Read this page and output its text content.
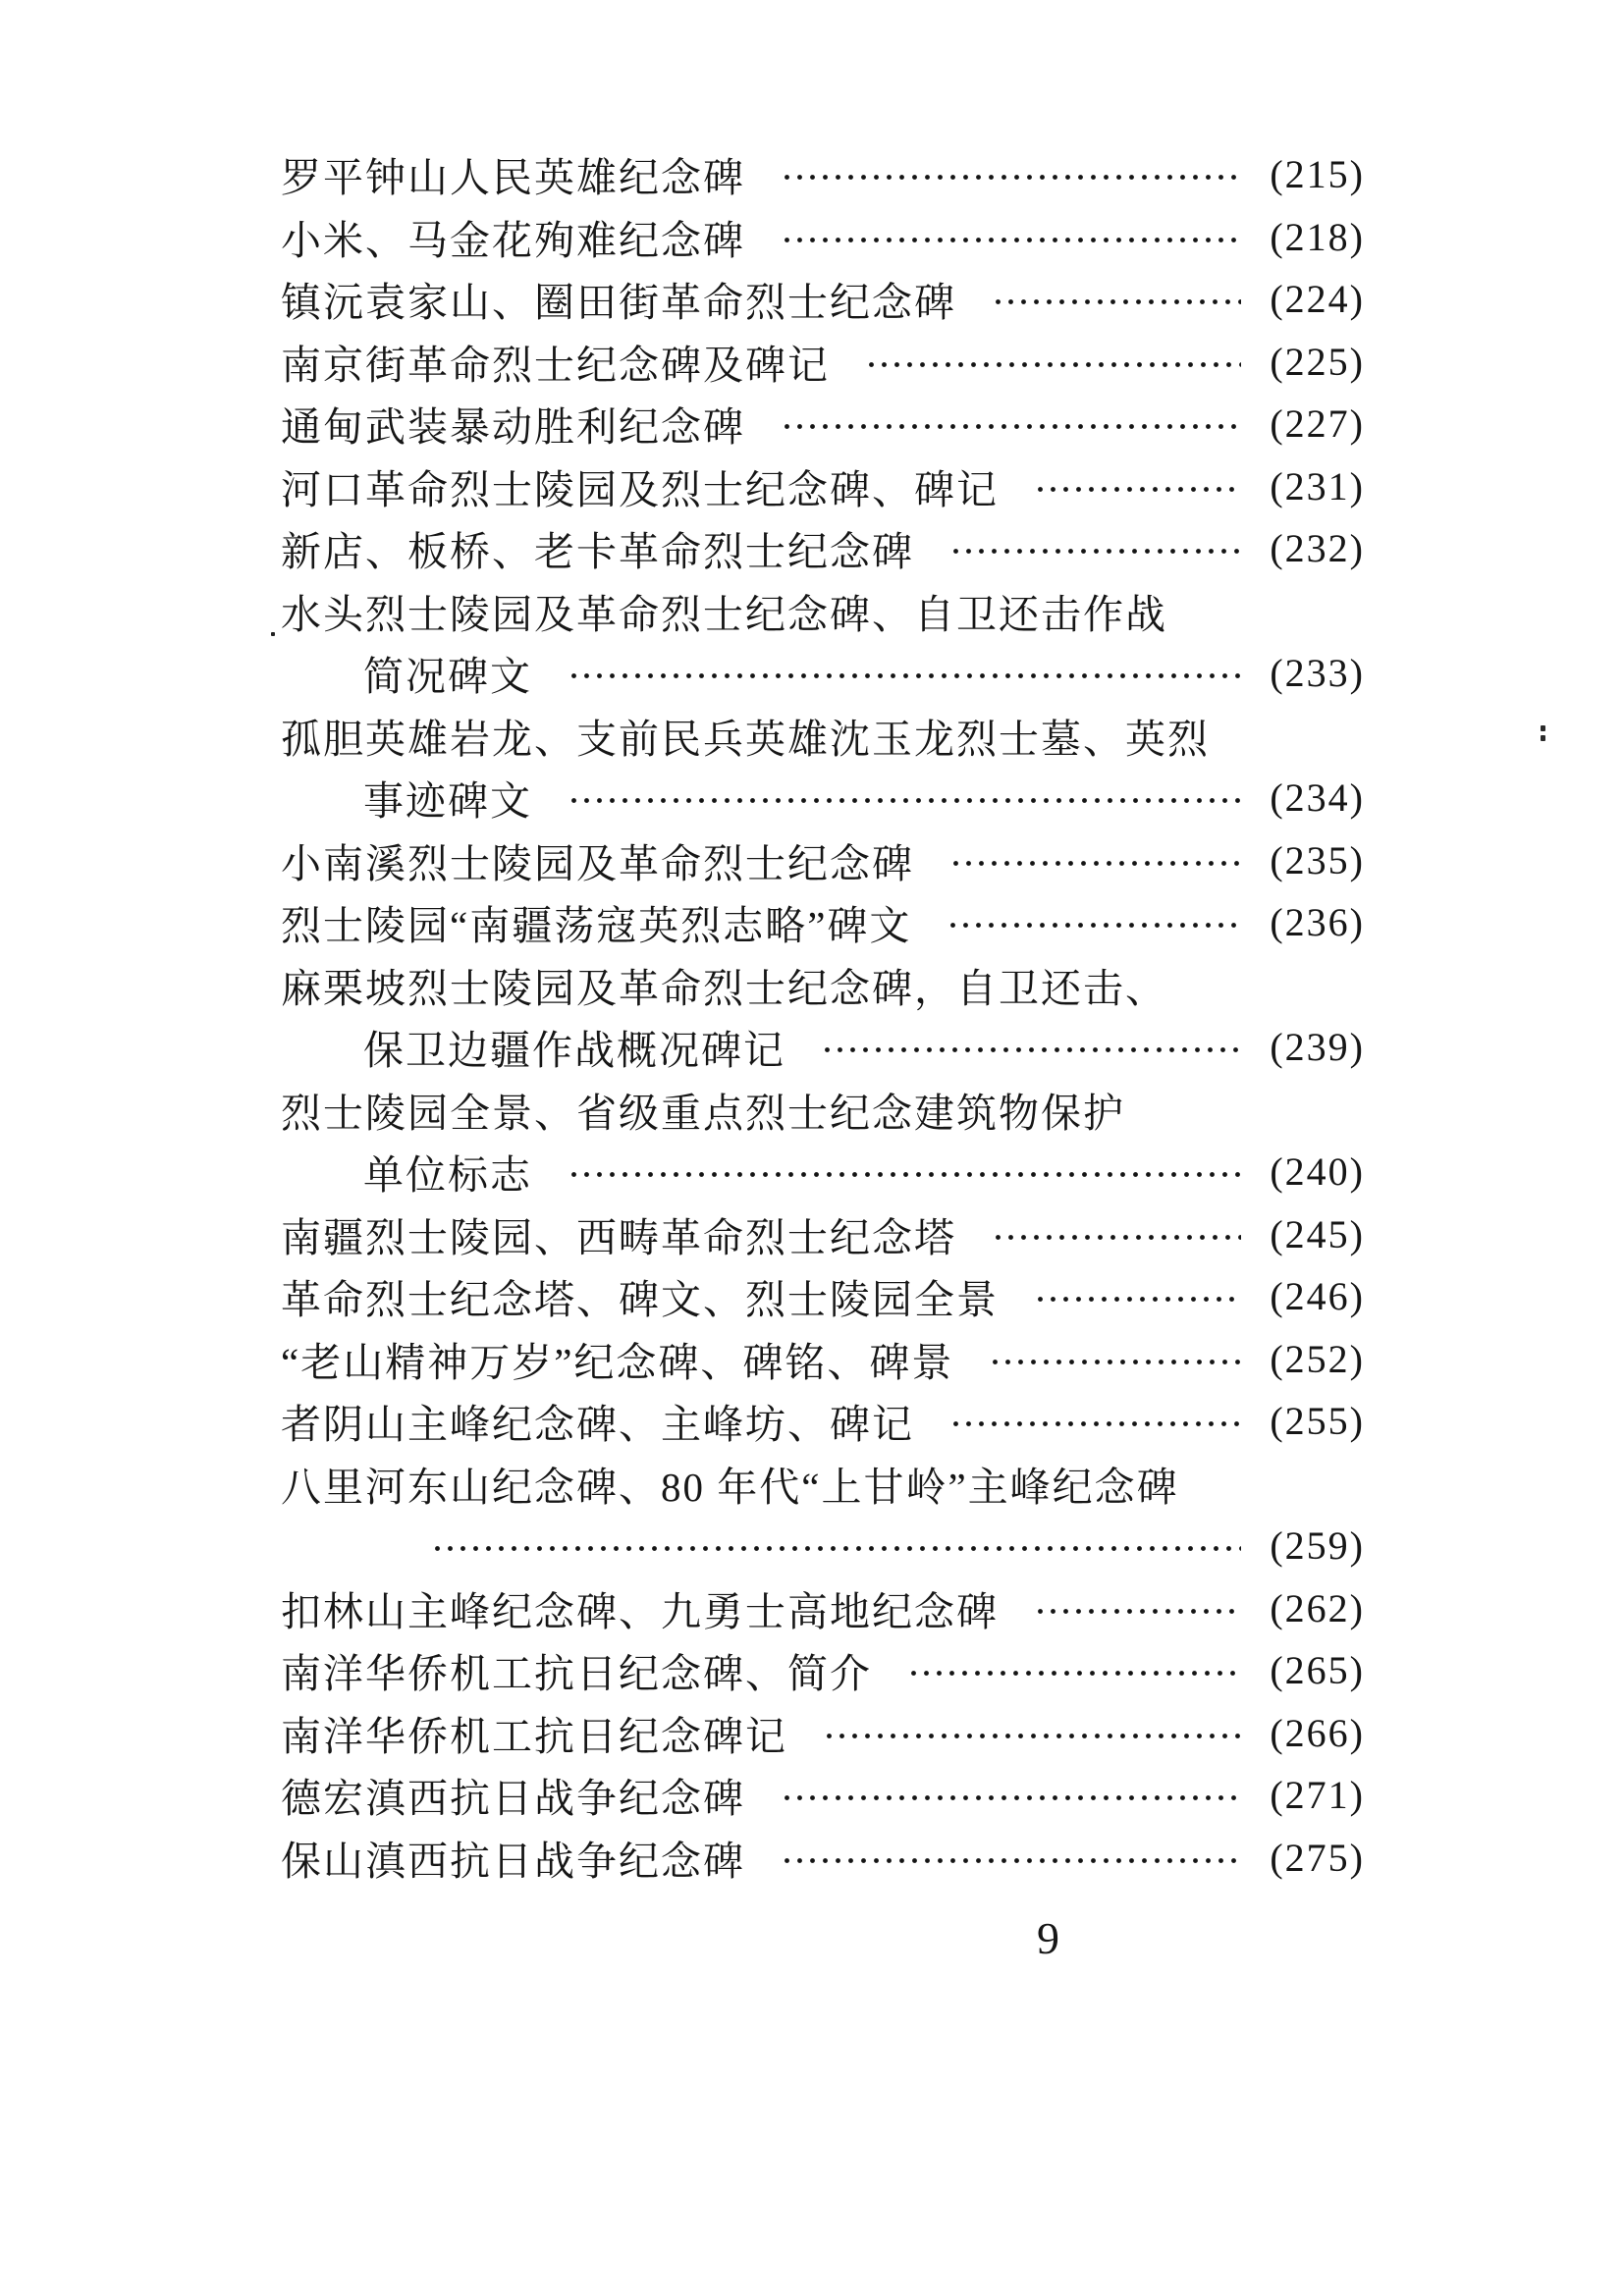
罗平钟山人民英雄纪念碑	(215)
小米、马金花殉难纪念碑	(218)
镇沅袁家山、圈田街革命烈士纪念碑	(224)
南京街革命烈士纪念碑及碑记	(225)
通甸武装暴动胜利纪念碑	(227)
河口革命烈士陵园及烈士纪念碑、碑记	(231)
新店、板桥、老卡革命烈士纪念碑	(232)
水头烈士陵园及革命烈士纪念碑、自卫还击作战
简况碑文	(233)
孤胆英雄岩龙、支前民兵英雄沈玉龙烈士墓、英烈
事迹碑文	(234)
小南溪烈士陵园及革命烈士纪念碑	(235)
烈士陵园“南疆荡寇英烈志略”碑文	(236)
麻栗坡烈士陵园及革命烈士纪念碑，自卫还击、
保卫边疆作战概况碑记	(239)
烈士陵园全景、省级重点烈士纪念建筑物保护
单位标志	(240)
南疆烈士陵园、西畴革命烈士纪念塔	(245)
革命烈士纪念塔、碑文、烈士陵园全景	(246)
“老山精神万岁”纪念碑、碑铭、碑景	(252)
者阴山主峰纪念碑、主峰坊、碑记	(255)
八里河东山纪念碑、80 年代“上甘岭”主峰纪念碑
(259)
扣林山主峰纪念碑、九勇士高地纪念碑	(262)
南洋华侨机工抗日纪念碑、简介	(265)
南洋华侨机工抗日纪念碑记	(266)
德宏滇西抗日战争纪念碑	(271)
保山滇西抗日战争纪念碑	(275)
9
